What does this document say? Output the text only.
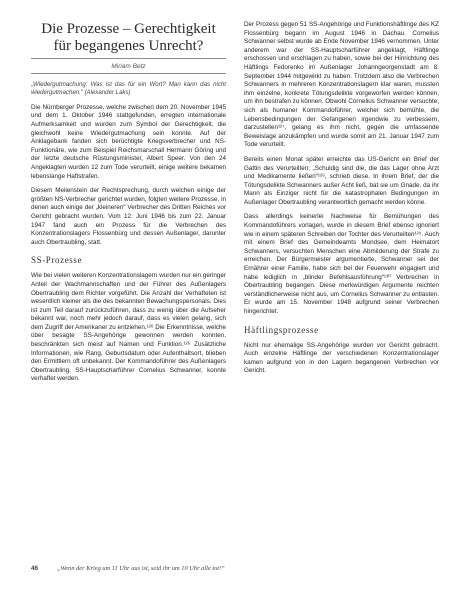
Die Prozesse – Gerechtigkeit
für begangenes Unrecht?
Miriam Betz
„Wiedergutmachung: Was ist das für ein Wort? Man kann das nicht wiedergutmachen.“ (Alexander Laks)

Die Nürnberger Prozesse, welche zwischen dem 20. November 1945 und dem 1. Oktober 1946 stattgefunden, erregten internationale Aufmerksamkeit und wurden zum Symbol der Gerechtigkeit, die gleichwohl keine Wiedergutmachung sein konnte. Auf der Anklagebank fanden sich berüchtigte Kriegsverbrecher und NS-Funktionäre, wie zum Beispiel Reichsmarschall Hermann Göring und der letzte deutsche Rüstungsminister, Albert Speer. Von den 24 Angeklagten wurden 12 zum Tode verurteilt, einige weitere bekamen lebenslange Haftstrafen.

Diesem Meilenstein der Rechtsprechung, durch welchen einige der größten NS-Verbrecher gerichtet wurden, folgten weitere Prozesse, in denen auch einige der „kleineren“ Verbrecher des Dritten Reiches vor Gericht gebracht wurden. Vom 12. Juni 1946 bis zum 22. Januar 1947 fand auch ein Prozess für die Verbrechen des Konzentrationslagers Flossenbürg und dessen Außenlager, darunter auch Obertraubling, statt.

SS-Prozesse

Wie bei vielen weiteren Konzentrationslagern wurden nur ein geringer Anteil der Wachmannschaften und der Führer des Außenlagers Obertraubling dem Richter vorgeführt. Die Anzahl der Verhafteten ist wesentlich kleiner als die des bekannten Bewachungspersonals. Dies ist zum Teil darauf zurückzuführen, dass zu wenig über die Aufseher bekannt war, noch mehr jedoch darauf, dass es vielen gelang, sich dem Zugriff der Amerikaner zu entziehen.¹²⁶ Die Erkenntnisse, welche über besagte SS-Angehörige gewonnen werden konnten, beschränkten sich meist auf Namen und Funktion.¹²⁶ Zusätzliche Informationen, wie Rang, Geburtsdatum oder Aufenthaltsort, blieben den Ermittlern oft unbekannt. Der Kommandoführer des Außenlagers Obertraubling, SS-Hauptscharführer Cornelius Schwanner, konnte verhaftet werden.

Der Prozess gegen 51 SS-Angehörige und Funktionshäftlinge des KZ Flossenbürg begann im August 1946 in Dachau. Cornelius Schwanner selbst wurde ab Ende November 1946 vernommen. Unter anderem war der SS-Hauptscharführer angeklagt, Häftlinge erschossen und erschlagen zu haben, sowie bei der Hinrichtung des Häftlings Fedorenko im Außenlager Johanngeorgenstadt am 8. September 1944 mitgewirkt zu haben. Trotzdem also die Verbrechen Schwanners in mehreren Konzentrationslagern klar waren, mussten ihm einzelne, konkrete Tötungsdelikte vorgeworfen werden können, um ihn bestrafen zu können. Obwohl Cornelius Schwanner versuchte, sich als humaner Kommandoführer, welcher sich bemühte, die Lebensbedingungen der Gefangenen irgendwie zu verbessern, darzustellen¹²⁷, gelang es ihm nicht, gegen die umfassende Beweislage anzukämpfen und wurde somit am 21. Januar 1947 zum Tode verurteilt.

Bereits einen Monat später erreichte das US-Gericht ein Brief der Gattin des Verurteilten: „Schuldig sind die, die das Lager ohne Arzt und Medikamente ließen“¹²⁸, schrieb diese. In ihrem Brief, der die Tötungsdelikte Schwanners außer Acht ließ, bat sie um Gnade, da ihr Mann als Einziger nicht für die katastrophalen Bedingungen im Außenlager Obertraubling verantwortlich gemacht werden könne.

Dass allerdings keinerlei Nachweise für Bemühungen des Kommandoführers vorlagen, wurde in diesem Brief ebenso ignoriert wie in einem späteren Schreiben der Tochter des Verurteilten¹²⁹. Auch mit einem Brief des Gemeindeamts Mondsee, dem Heimatort Schwanners, versuchten Menschen eine Abmilderung der Strafe zu erreichen. Der Bürgermeister argumentierte, Schwanner sei der Ernährer einer Familie, habe sich bei der Feuerwehr engagiert und habe lediglich in „blinder Befehlsausführung“¹³⁰ Verbrechen in Obertraubling begangen. Diese merkwürdigen Argumente reichten verständlicherweise nicht aus, um Cornelius Schwanner zu entlasten. Er wurde am 15. November 1948 aufgrund seiner Verbrechen hingerichtet.

Häftlingsprozesse

Nicht nur ehemalige SS-Angehörige wurden vor Gericht gebracht. Auch einzelne Häftlinge der verschiedenen Konzentrationslager kamen aufgrund von in den Lagern begangenen Verbrechen vor Gericht.

46	„Wenn der Krieg um 11 Uhr aus ist, seid ihr um 10 Uhr alle tot!“
